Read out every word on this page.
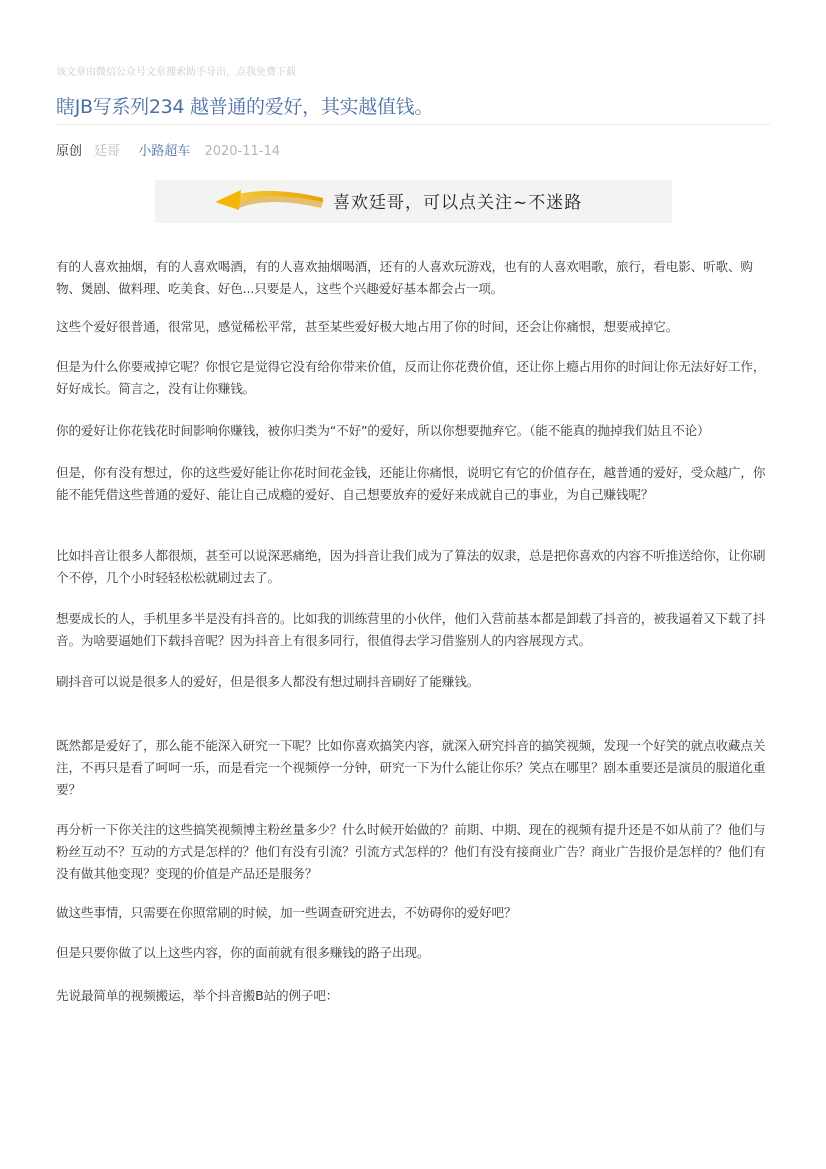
该文章由微信公众号文章搜索助手导出，点我免费下载
瞎JB写系列234 越普通的爱好，其实越值钱。
原创 廷哥 小路超车 2020-11-14
喜欢廷哥，可以点关注~不迷路

有的人喜欢抽烟，有的人喜欢喝酒，有的人喜欢抽烟喝酒，还有的人喜欢玩游戏，也有的人喜欢唱歌，旅行，看电影、听歌、购物、煲剧、做料理、吃美食、好色...只要是人，这些个兴趣爱好基本都会占一项。

这些个爱好很普通，很常见，感觉稀松平常，甚至某些爱好极大地占用了你的时间，还会让你痛恨，想要戒掉它。

但是为什么你要戒掉它呢？你恨它是觉得它没有给你带来价值，反而让你花费价值，还让你上瘾占用你的时间让你无法好好工作，好好成长。简言之，没有让你赚钱。

你的爱好让你花钱花时间影响你赚钱，被你归类为“不好”的爱好，所以你想要抛弃它。（能不能真的抛掉我们姑且不论）

但是，你有没有想过，你的这些爱好能让你花时间花金钱，还能让你痛恨，说明它有它的价值存在，越普通的爱好，受众越广，你能不能凭借这些普通的爱好、能让自己成瘾的爱好、自己想要放弃的爱好来成就自己的事业，为自己赚钱呢？

比如抖音让很多人都很烦，甚至可以说深恶痛绝，因为抖音让我们成为了算法的奴隶，总是把你喜欢的内容不听推送给你，让你刷个不停，几个小时轻轻松松就刷过去了。

想要成长的人，手机里多半是没有抖音的。比如我的训练营里的小伙伴，他们入营前基本都是卸载了抖音的，被我逼着又下载了抖音。为啥要逼她们下载抖音呢？因为抖音上有很多同行，很值得去学习借鉴别人的内容展现方式。

刷抖音可以说是很多人的爱好，但是很多人都没有想过刷抖音刷好了能赚钱。

既然都是爱好了，那么能不能深入研究一下呢？比如你喜欢搞笑内容，就深入研究抖音的搞笑视频，发现一个好笑的就点收藏点关注，不再只是看了呵呵一乐，而是看完一个视频停一分钟，研究一下为什么能让你乐？笑点在哪里？剧本重要还是演员的服道化重要？

再分析一下你关注的这些搞笑视频博主粉丝量多少？什么时候开始做的？前期、中期、现在的视频有提升还是不如从前了？他们与粉丝互动不？互动的方式是怎样的？他们有没有引流？引流方式怎样的？他们有没有接商业广告？商业广告报价是怎样的？他们有没有做其他变现？变现的价值是产品还是服务？

做这些事情，只需要在你照常刷的时候，加一些调查研究进去，不妨碍你的爱好吧？

但是只要你做了以上这些内容，你的面前就有很多赚钱的路子出现。

先说最简单的视频搬运，举个抖音搬B站的例子吧：
